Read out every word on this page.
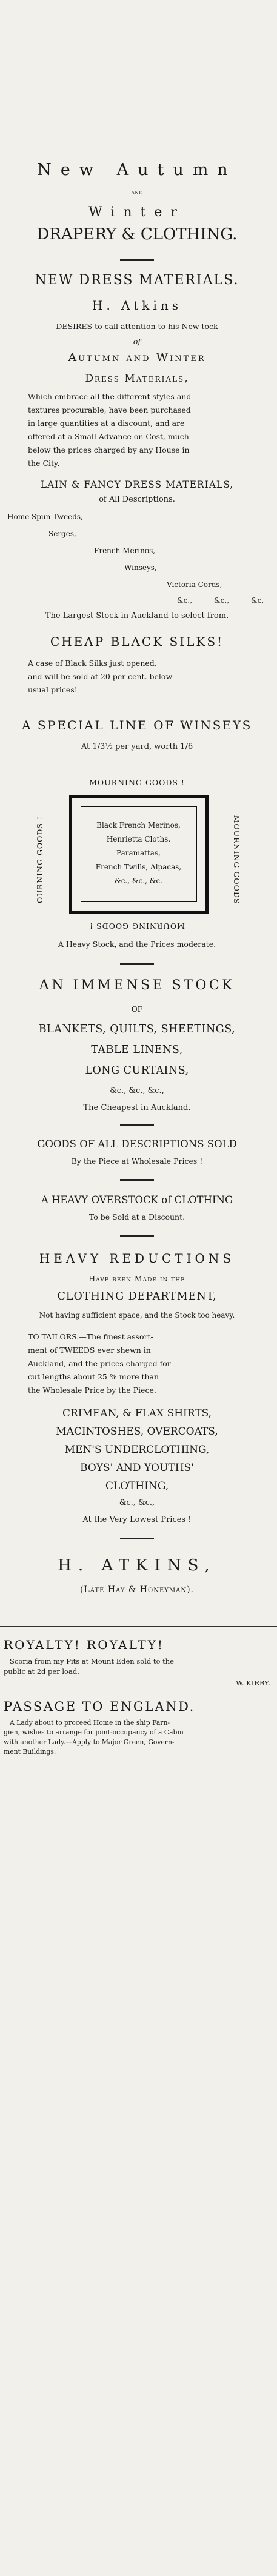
New Autumn
and
Winter
DRAPERY & CLOTHING.
NEW DRESS MATERIALS.
H. Atkins
DESIRES to call attention to his New tock
of
Autumn and Winter
Dress Materials,
Which embrace all the different styles and
textures procurable, have been purchased
in large quantities at a discount, and are
offered at a Small Advance on Cost, much
below the prices charged by any House in
the City.
LAIN & FANCY DRESS MATERIALS,
of All Descriptions.
Home Spun Tweeds,
Serges,
French Merinos,
Winseys,
Victoria Cords,
&c.,	&c.,	&c.
The Largest Stock in Auckland to select from.
CHEAP BLACK SILKS!
A case of Black Silks just opened,
and will be sold at 20 per cent. below
usual prices!
A SPECIAL LINE OF WINSEYS
At 1/3½ per yard, worth 1/6
MOURNING GOODS !
Black French Merinos,
Henrietta Cloths,
Paramattas,
French Twills, Alpacas,
&c., &c., &c.	MOURNING GOODS
OURNING GOODS !
MOURNING GOODS !
A Heavy Stock, and the Prices moderate.
AN IMMENSE STOCK
OF
BLANKETS, QUILTS, SHEETINGS,
TABLE LINENS,
LONG CURTAINS,
&c., &c., &c.,
The Cheapest in Auckland.
GOODS OF ALL DESCRIPTIONS SOLD
By the Piece at Wholesale Prices !
A HEAVY OVERSTOCK of CLOTHING
To be Sold at a Discount.
HEAVY REDUCTIONS
Have been Made in the
CLOTHING DEPARTMENT,
Not having sufficient space, and the Stock too heavy.
TO TAILORS.—The finest assort-
ment of TWEEDS ever shewn in
Auckland, and the prices charged for
cut lengths about 25 % more than
the Wholesale Price by the Piece.
CRIMEAN, & FLAX SHIRTS,
MACINTOSHES, OVERCOATS,
MEN'S UNDERCLOTHING,
BOYS' AND YOUTHS'
CLOTHING,
&c., &c.,
At the Very Lowest Prices !
H. ATKINS,
(Late Hay & Honeyman).
ROYALTY! ROYALTY!
Scoria from my Pits at Mount Eden sold to the
public at 2d per load.
W. KIRBY.
PASSAGE TO ENGLAND.
A Lady about to proceed Home in the ship Farn-
gien, wishes to arrange for joint-occupancy of a Cabin
with another Lady.—Apply to Major Green, Govern-
ment Buildings.
